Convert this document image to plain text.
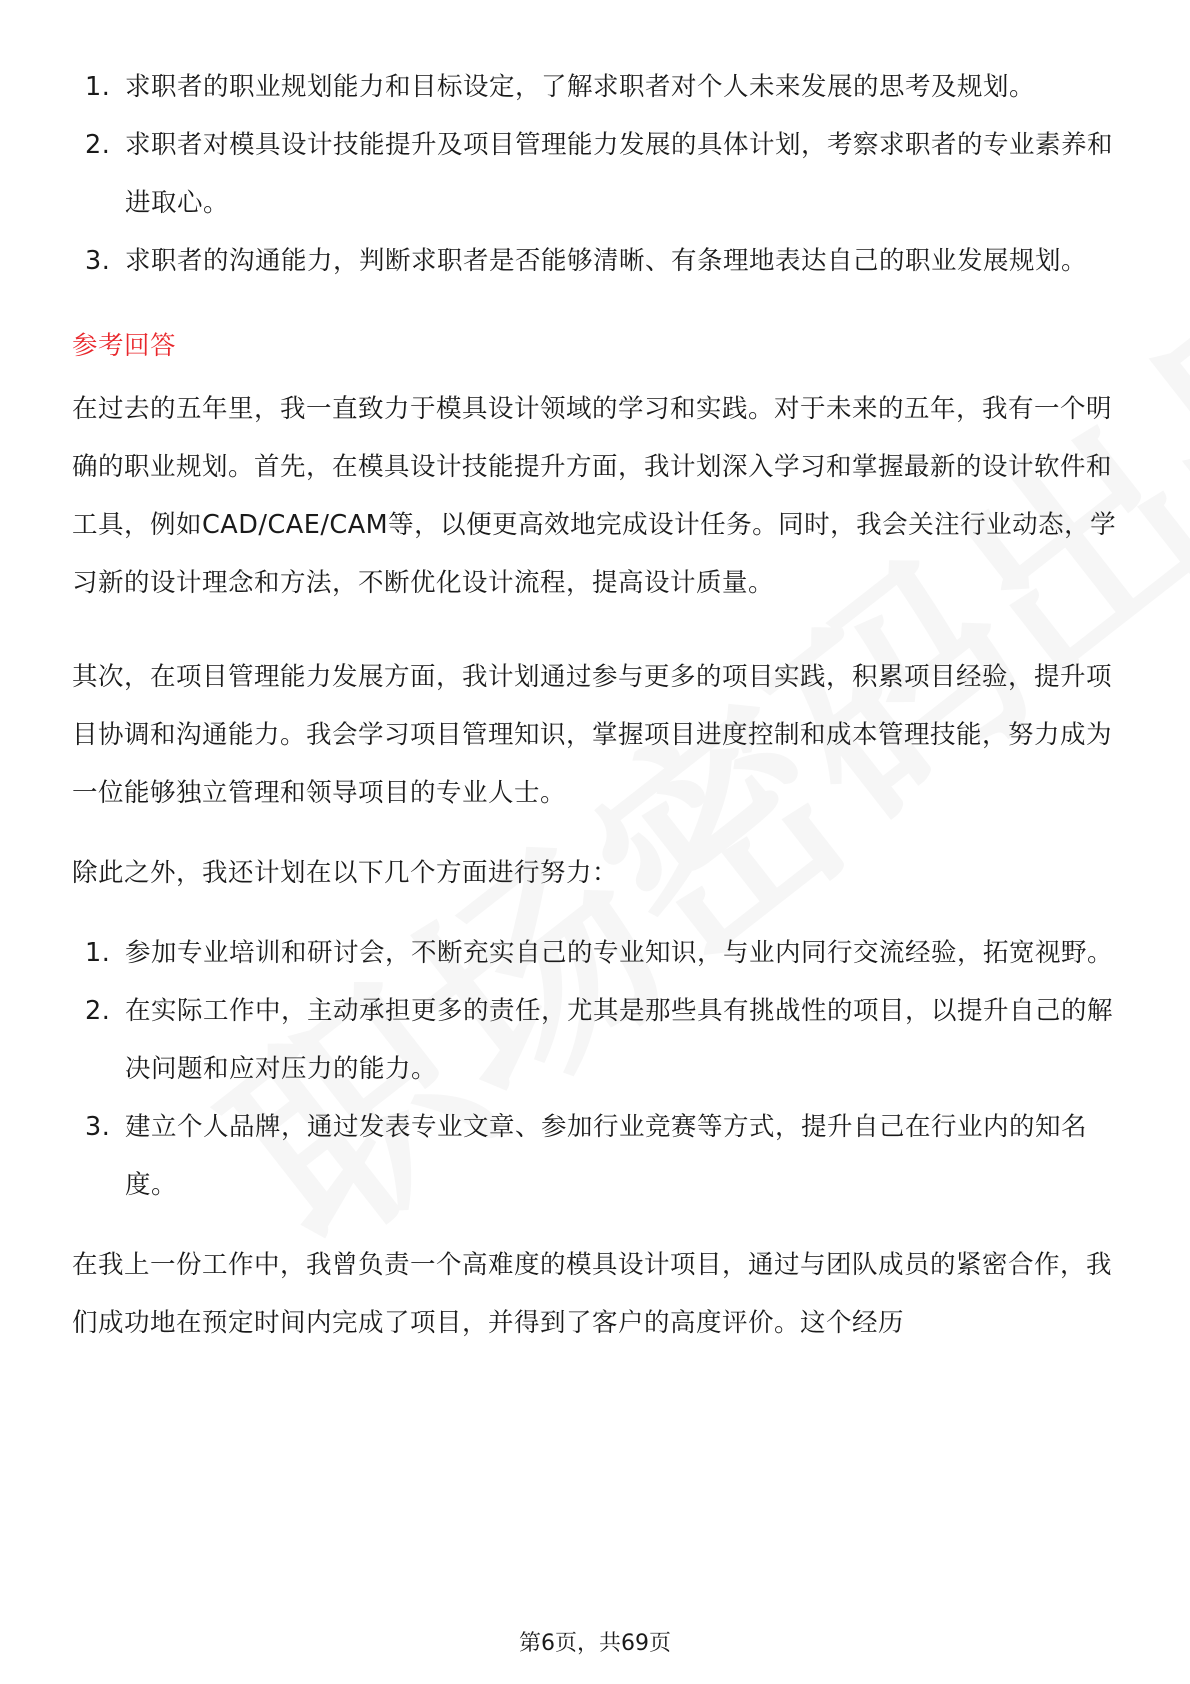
1. 求职者的职业规划能力和目标设定，了解求职者对个人未来发展的思考及规划。
2. 求职者对模具设计技能提升及项目管理能力发展的具体计划，考察求职者的专业素养和进取心。
3. 求职者的沟通能力，判断求职者是否能够清晰、有条理地表达自己的职业发展规划。
参考回答

在过去的五年里，我一直致力于模具设计领域的学习和实践。对于未来的五年，我有一个明确的职业规划。首先，在模具设计技能提升方面，我计划深入学习和掌握最新的设计软件和工具，例如CAD/CAE/CAM等，以便更高效地完成设计任务。同时，我会关注行业动态，学习新的设计理念和方法，不断优化设计流程，提高设计质量。

其次，在项目管理能力发展方面，我计划通过参与更多的项目实践，积累项目经验，提升项目协调和沟通能力。我会学习项目管理知识，掌握项目进度控制和成本管理技能，努力成为一位能够独立管理和领导项目的专业人士。

除此之外，我还计划在以下几个方面进行努力：

1. 参加专业培训和研讨会，不断充实自己的专业知识，与业内同行交流经验，拓宽视野。
2. 在实际工作中，主动承担更多的责任，尤其是那些具有挑战性的项目，以提升自己的解决问题和应对压力的能力。
3. 建立个人品牌，通过发表专业文章、参加行业竞赛等方式，提升自己在行业内的知名度。

在我上一份工作中，我曾负责一个高难度的模具设计项目，通过与团队成员的紧密合作，我们成功地在预定时间内完成了项目，并得到了客户的高度评价。这个经历

第6页，共69页
